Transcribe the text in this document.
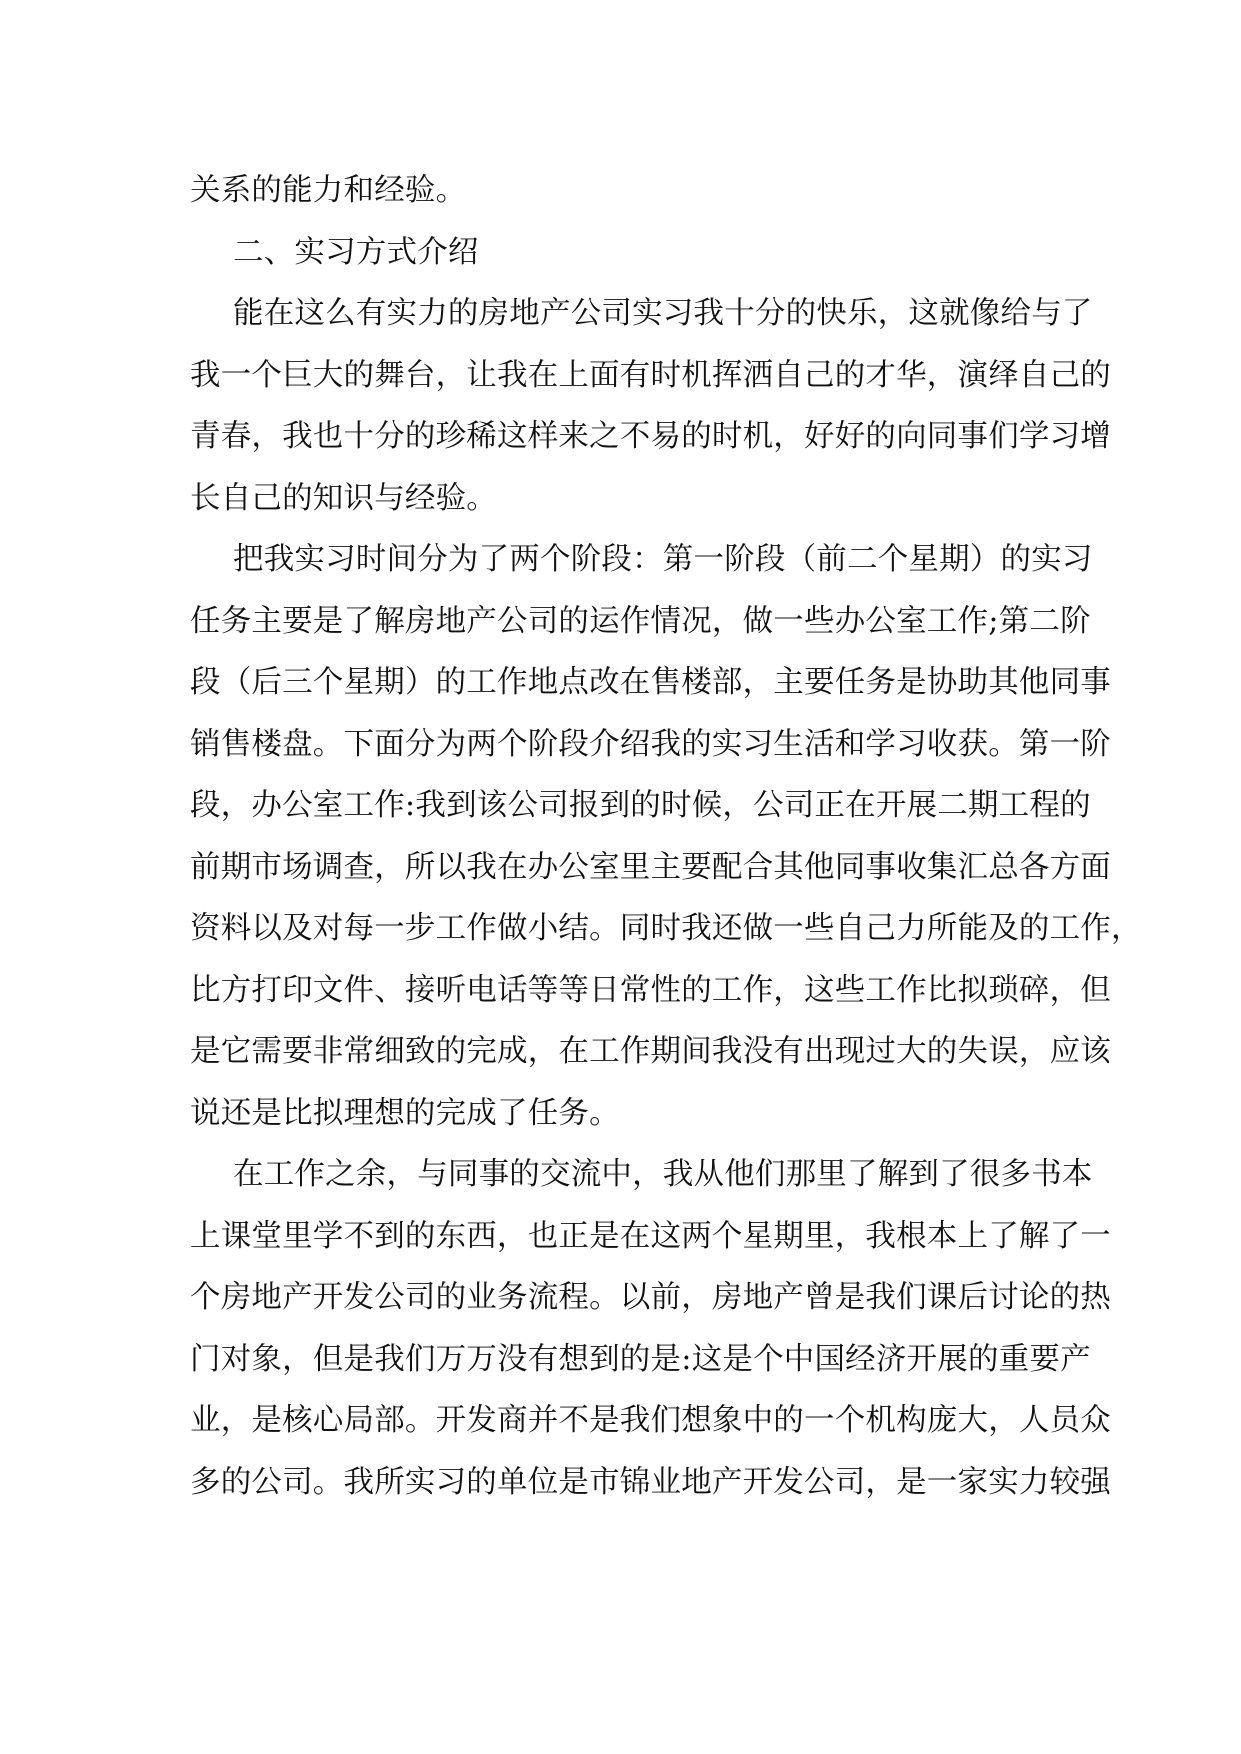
关系的能力和经验。

二、实习方式介绍

能在这么有实力的房地产公司实习我十分的快乐，这就像给与了
我一个巨大的舞台，让我在上面有时机挥洒自己的才华，演绎自己的
青春，我也十分的珍稀这样来之不易的时机，好好的向同事们学习增
长自己的知识与经验。

把我实习时间分为了两个阶段：第一阶段（前二个星期）的实习
任务主要是了解房地产公司的运作情况，做一些办公室工作;第二阶
段（后三个星期）的工作地点改在售楼部，主要任务是协助其他同事
销售楼盘。下面分为两个阶段介绍我的实习生活和学习收获。第一阶
段，办公室工作:我到该公司报到的时候，公司正在开展二期工程的
前期市场调查，所以我在办公室里主要配合其他同事收集汇总各方面
资料以及对每一步工作做小结。同时我还做一些自己力所能及的工作，
比方打印文件、接听电话等等日常性的工作，这些工作比拟琐碎，但
是它需要非常细致的完成，在工作期间我没有出现过大的失误，应该
说还是比拟理想的完成了任务。

在工作之余，与同事的交流中，我从他们那里了解到了很多书本
上课堂里学不到的东西，也正是在这两个星期里，我根本上了解了一
个房地产开发公司的业务流程。以前，房地产曾是我们课后讨论的热
门对象，但是我们万万没有想到的是:这是个中国经济开展的重要产
业，是核心局部。开发商并不是我们想象中的一个机构庞大，人员众
多的公司。我所实习的单位是市锦业地产开发公司，是一家实力较强
